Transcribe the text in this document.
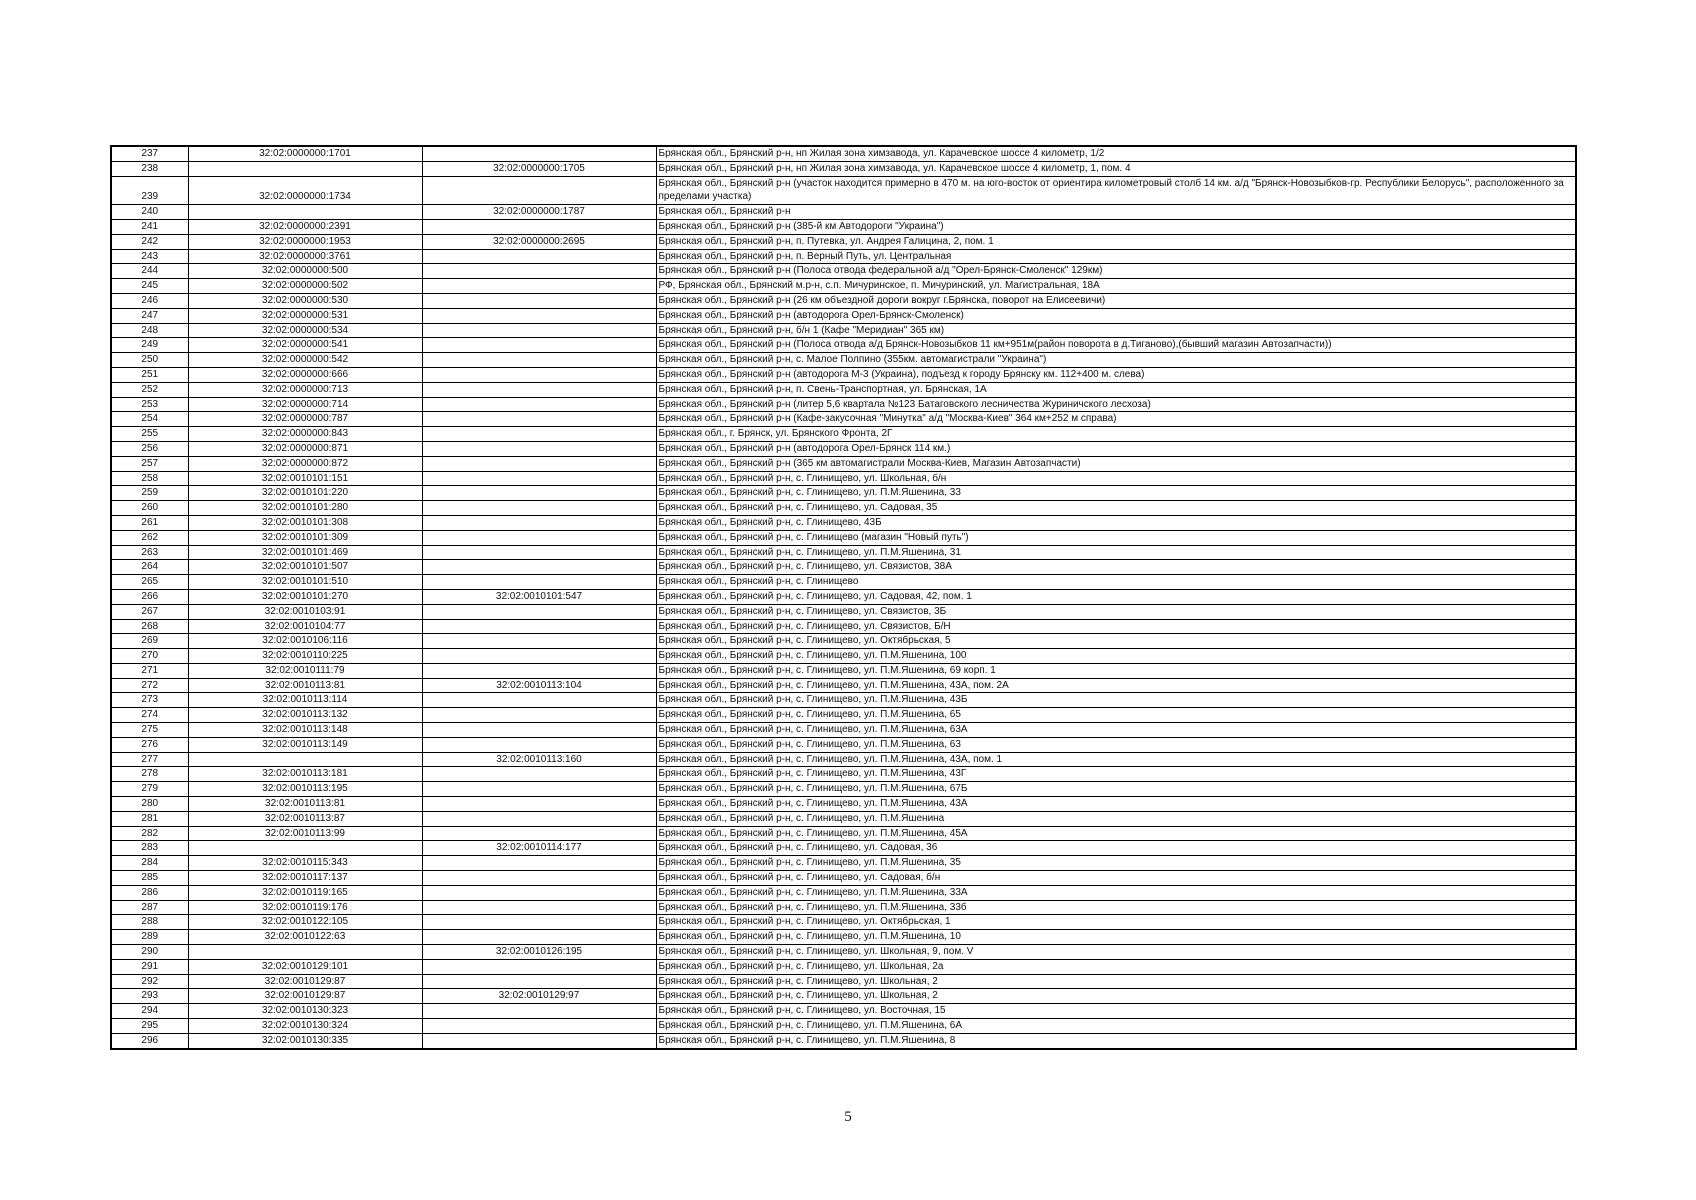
237	32:02:0000000:1701		Брянская обл., Брянский р-н, нп Жилая зона химзавода, ул. Карачевское шоссе 4 километр, 1/2
238		32:02:0000000:1705	Брянская обл., Брянский р-н, нп Жилая зона химзавода, ул. Карачевское шоссе 4 километр, 1, пом. 4
239	32:02:0000000:1734		Брянская обл., Брянский р-н (участок находится примерно в 470 м. на юго-восток от ориентира километровый столб 14 км. а/д "Брянск-Новозыбков-гр. Республики Белорусь", расположенного за пределами участка)
240		32:02:0000000:1787	Брянская обл., Брянский р-н
241	32:02:0000000:2391		Брянская обл., Брянский р-н (385-й км Автодороги "Украина")
242	32:02:0000000:1953	32:02:0000000:2695	Брянская обл., Брянский р-н, п. Путевка, ул. Андрея Галицина, 2, пом. 1
243	32:02:0000000:3761		Брянская обл., Брянский р-н, п. Верный Путь, ул. Центральная
244	32:02:0000000:500		Брянская обл., Брянский р-н (Полоса отвода федеральной а/д "Орел-Брянск-Смоленск" 129км)
245	32:02:0000000:502		РФ, Брянская обл., Брянский м.р-н, с.п. Мичуринское, п. Мичуринский, ул. Магистральная, 18А
246	32:02:0000000:530		Брянская обл., Брянский р-н (26 км объездной дороги вокруг г.Брянска, поворот на Елисеевичи)
247	32:02:0000000:531		Брянская обл., Брянский р-н (автодорога Орел-Брянск-Смоленск)
248	32:02:0000000:534		Брянская обл., Брянский р-н, б/н 1 (Кафе "Меридиан" 365 км)
249	32:02:0000000:541		Брянская обл., Брянский р-н (Полоса отвода а/д Брянск-Новозыбков 11 км+951м(район поворота в д.Тиганово),(бывший магазин Автозапчасти))
250	32:02:0000000:542		Брянская обл., Брянский р-н, с. Малое Полпино (355км. автомагистрали "Украина")
251	32:02:0000000:666		Брянская обл., Брянский р-н (автодорога М-3 (Украина), подъезд к городу Брянску км. 112+400 м. слева)
252	32:02:0000000:713		Брянская обл., Брянский р-н, п. Свень-Транспортная, ул. Брянская, 1А
253	32:02:0000000:714		Брянская обл., Брянский р-н (литер 5,6 квартала №123 Батаговского лесничества Журиничского лесхоза)
254	32:02:0000000:787		Брянская обл., Брянский р-н (Кафе-закусочная "Минутка" а/д "Москва-Киев" 364 км+252 м справа)
255	32:02:0000000:843		Брянская обл., г. Брянск, ул. Брянского Фронта, 2Г
256	32:02:0000000:871		Брянская обл., Брянский р-н (автодорога Орел-Брянск 114 км.)
257	32:02:0000000:872		Брянская обл., Брянский р-н (365 км автомагистрали Москва-Киев, Магазин Автозапчасти)
258	32:02:0010101:151		Брянская обл., Брянский р-н, с. Глинищево, ул. Школьная, б/н
259	32:02:0010101:220		Брянская обл., Брянский р-н, с. Глинищево, ул. П.М.Яшенина, 33
260	32:02:0010101:280		Брянская обл., Брянский р-н, с. Глинищево, ул. Садовая, 35
261	32:02:0010101:308		Брянская обл., Брянский р-н, с. Глинищево, 43Б
262	32:02:0010101:309		Брянская обл., Брянский р-н, с. Глинищево (магазин "Новый путь")
263	32:02:0010101:469		Брянская обл., Брянский р-н, с. Глинищево, ул. П.М.Яшенина, 31
264	32:02:0010101:507		Брянская обл., Брянский р-н, с. Глинищево, ул. Связистов, 38А
265	32:02:0010101:510		Брянская обл., Брянский р-н, с. Глинищево
266	32:02:0010101:270	32:02:0010101:547	Брянская обл., Брянский р-н, с. Глинищево, ул. Садовая, 42, пом. 1
267	32:02:0010103:91		Брянская обл., Брянский р-н, с. Глинищево, ул. Связистов, 3Б
268	32:02:0010104:77		Брянская обл., Брянский р-н, с. Глинищево, ул. Связистов, Б/Н
269	32:02:0010106:116		Брянская обл., Брянский р-н, с. Глинищево, ул. Октябрьская, 5
270	32:02:0010110:225		Брянская обл., Брянский р-н, с. Глинищево, ул. П.М.Яшенина, 100
271	32:02:0010111:79		Брянская обл., Брянский р-н, с. Глинищево, ул. П.М.Яшенина, 69 корп. 1
272	32:02:0010113:81	32:02:0010113:104	Брянская обл., Брянский р-н, с. Глинищево, ул. П.М.Яшенина, 43А, пом. 2А
273	32:02:0010113:114		Брянская обл., Брянский р-н, с. Глинищево, ул. П.М.Яшенина, 43Б
274	32:02:0010113:132		Брянская обл., Брянский р-н, с. Глинищево, ул. П.М.Яшенина, 65
275	32:02:0010113:148		Брянская обл., Брянский р-н, с. Глинищево, ул. П.М.Яшенина, 63А
276	32:02:0010113:149		Брянская обл., Брянский р-н, с. Глинищево, ул. П.М.Яшенина, 63
277		32:02:0010113:160	Брянская обл., Брянский р-н, с. Глинищево, ул. П.М.Яшенина, 43А, пом. 1
278	32:02:0010113:181		Брянская обл., Брянский р-н, с. Глинищево, ул. П.М.Яшенина, 43Г
279	32:02:0010113:195		Брянская обл., Брянский р-н, с. Глинищево, ул. П.М.Яшенина, 67Б
280	32:02:0010113:81		Брянская обл., Брянский р-н, с. Глинищево, ул. П.М.Яшенина, 43А
281	32:02:0010113:87		Брянская обл., Брянский р-н, с. Глинищево, ул. П.М.Яшенина
282	32:02:0010113:99		Брянская обл., Брянский р-н, с. Глинищево, ул. П.М.Яшенина, 45А
283		32:02:0010114:177	Брянская обл., Брянский р-н, с. Глинищево, ул. Садовая, 36
284	32:02:0010115:343		Брянская обл., Брянский р-н, с. Глинищево, ул. П.М.Яшенина, 35
285	32:02:0010117:137		Брянская обл., Брянский р-н, с. Глинищево, ул. Садовая, б/н
286	32:02:0010119:165		Брянская обл., Брянский р-н, с. Глинищево, ул. П.М.Яшенина, 33А
287	32:02:0010119:176		Брянская обл., Брянский р-н, с. Глинищево, ул. П.М.Яшенина, 33б
288	32:02:0010122:105		Брянская обл., Брянский р-н, с. Глинищево, ул. Октябрьская, 1
289	32:02:0010122:63		Брянская обл., Брянский р-н, с. Глинищево, ул. П.М.Яшенина, 10
290		32:02:0010126:195	Брянская обл., Брянский р-н, с. Глинищево, ул. Школьная, 9, пом. V
291	32:02:0010129:101		Брянская обл., Брянский р-н, с. Глинищево, ул. Школьная, 2а
292	32:02:0010129:87		Брянская обл., Брянский р-н, с. Глинищево, ул. Школьная, 2
293	32:02:0010129:87	32:02:0010129:97	Брянская обл., Брянский р-н, с. Глинищево, ул. Школьная, 2
294	32:02:0010130:323		Брянская обл., Брянский р-н, с. Глинищево, ул. Восточная, 15
295	32:02:0010130:324		Брянская обл., Брянский р-н, с. Глинищево, ул. П.М.Яшенина, 6А
296	32:02:0010130:335		Брянская обл., Брянский р-н, с. Глинищево, ул. П.М.Яшенина, 8
5
